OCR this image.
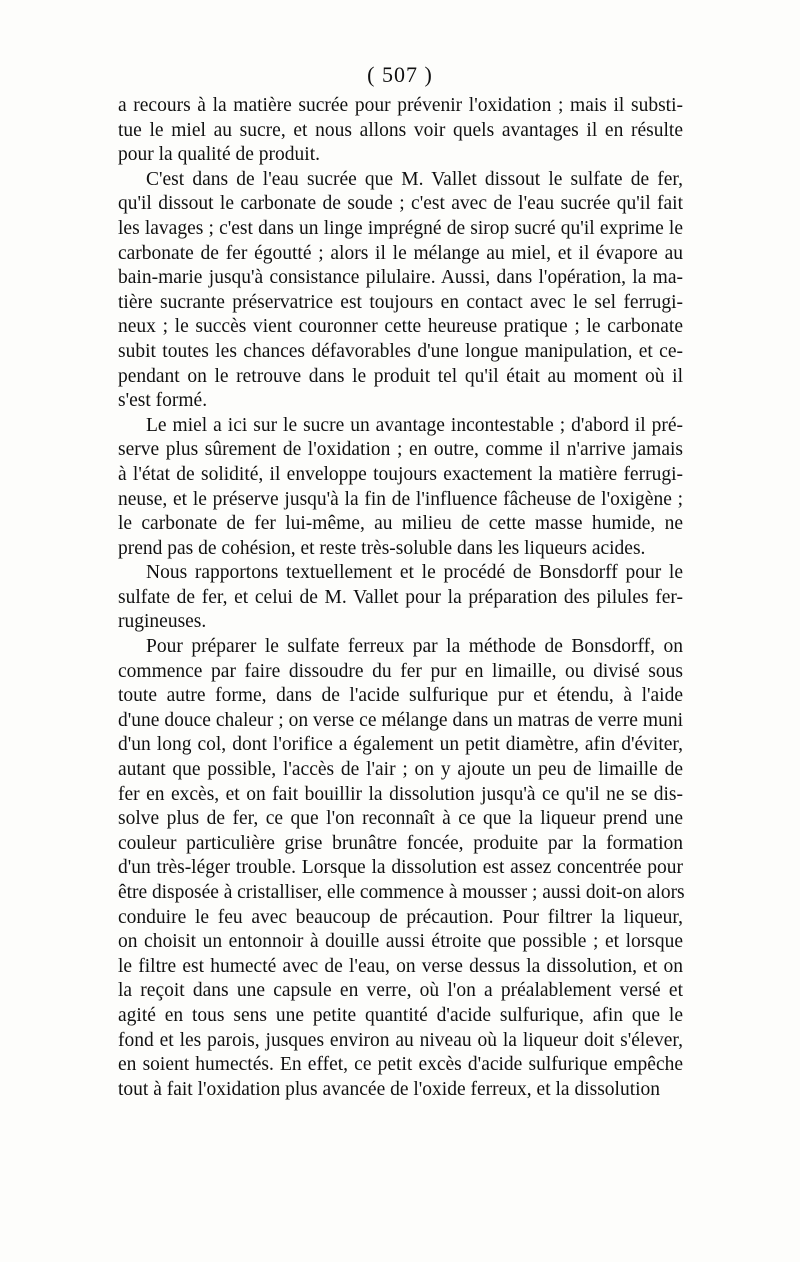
( 507 )
a recours à la matière sucrée pour prévenir l'oxidation ; mais il substi-
tue le miel au sucre, et nous allons voir quels avantages il en résulte
pour la qualité de produit.
C'est dans de l'eau sucrée que M. Vallet dissout le sulfate de fer,
qu'il dissout le carbonate de soude ; c'est avec de l'eau sucrée qu'il fait
les lavages ; c'est dans un linge imprégné de sirop sucré qu'il exprime le
carbonate de fer égoutté ; alors il le mélange au miel, et il évapore au
bain-marie jusqu'à consistance pilulaire. Aussi, dans l'opération, la ma-
tière sucrante préservatrice est toujours en contact avec le sel ferrugi-
neux ; le succès vient couronner cette heureuse pratique ; le carbonate
subit toutes les chances défavorables d'une longue manipulation, et ce-
pendant on le retrouve dans le produit tel qu'il était au moment où il
s'est formé.
Le miel a ici sur le sucre un avantage incontestable ; d'abord il pré-
serve plus sûrement de l'oxidation ; en outre, comme il n'arrive jamais
à l'état de solidité, il enveloppe toujours exactement la matière ferrugi-
neuse, et le préserve jusqu'à la fin de l'influence fâcheuse de l'oxigène ;
le carbonate de fer lui-même, au milieu de cette masse humide, ne
prend pas de cohésion, et reste très-soluble dans les liqueurs acides.
Nous rapportons textuellement et le procédé de Bonsdorff pour le
sulfate de fer, et celui de M. Vallet pour la préparation des pilules fer-
rugineuses.
Pour préparer le sulfate ferreux par la méthode de Bonsdorff, on
commence par faire dissoudre du fer pur en limaille, ou divisé sous
toute autre forme, dans de l'acide sulfurique pur et étendu, à l'aide
d'une douce chaleur ; on verse ce mélange dans un matras de verre muni
d'un long col, dont l'orifice a également un petit diamètre, afin d'éviter,
autant que possible, l'accès de l'air ; on y ajoute un peu de limaille de
fer en excès, et on fait bouillir la dissolution jusqu'à ce qu'il ne se dis-
solve plus de fer, ce que l'on reconnaît à ce que la liqueur prend une
couleur particulière grise brunâtre foncée, produite par la formation
d'un très-léger trouble. Lorsque la dissolution est assez concentrée pour
être disposée à cristalliser, elle commence à mousser ; aussi doit-on alors
conduire le feu avec beaucoup de précaution. Pour filtrer la liqueur,
on choisit un entonnoir à douille aussi étroite que possible ; et lorsque
le filtre est humecté avec de l'eau, on verse dessus la dissolution, et on
la reçoit dans une capsule en verre, où l'on a préalablement versé et
agité en tous sens une petite quantité d'acide sulfurique, afin que le
fond et les parois, jusques environ au niveau où la liqueur doit s'élever,
en soient humectés. En effet, ce petit excès d'acide sulfurique empêche
tout à fait l'oxidation plus avancée de l'oxide ferreux, et la dissolution
